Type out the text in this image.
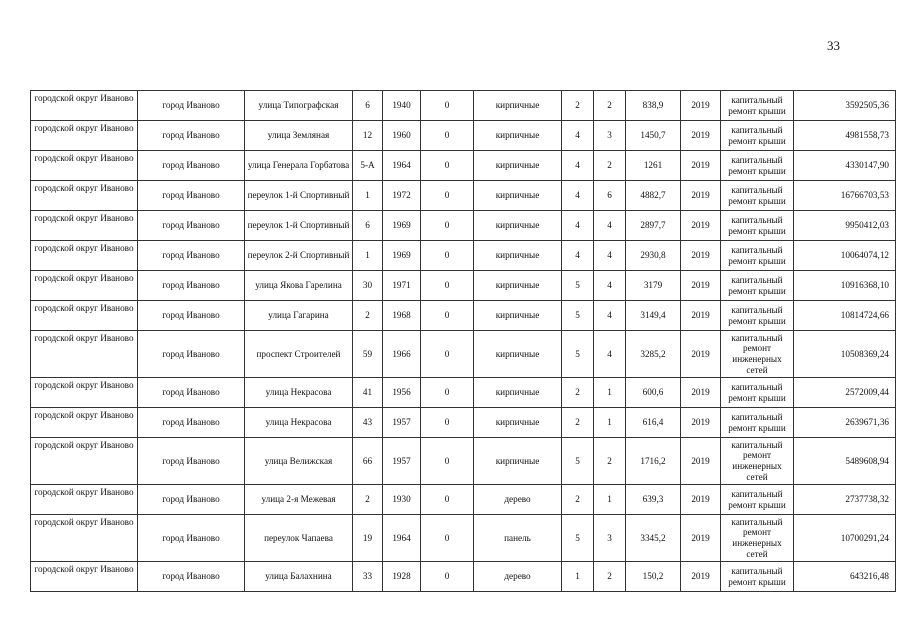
33
городской округ Иваново	город Иваново	улица Типографская	6	1940	0	кирпичные	2	2	838,9	2019	капитальный ремонт крыши	3592505,36
городской округ Иваново	город Иваново	улица Земляная	12	1960	0	кирпичные	4	3	1450,7	2019	капитальный ремонт крыши	4981558,73
городской округ Иваново	город Иваново	улица Генерала Горбатова	5-А	1964	0	кирпичные	4	2	1261	2019	капитальный ремонт крыши	4330147,90
городской округ Иваново	город Иваново	переулок 1-й Спортивный	1	1972	0	кирпичные	4	6	4882,7	2019	капитальный ремонт крыши	16766703,53
городской округ Иваново	город Иваново	переулок 1-й Спортивный	6	1969	0	кирпичные	4	4	2897,7	2019	капитальный ремонт крыши	9950412,03
городской округ Иваново	город Иваново	переулок 2-й Спортивный	1	1969	0	кирпичные	4	4	2930,8	2019	капитальный ремонт крыши	10064074,12
городской округ Иваново	город Иваново	улица Якова Гарелина	30	1971	0	кирпичные	5	4	3179	2019	капитальный ремонт крыши	10916368,10
городской округ Иваново	город Иваново	улица Гагарина	2	1968	0	кирпичные	5	4	3149,4	2019	капитальный ремонт крыши	10814724,66
городской округ Иваново	город Иваново	проспект Строителей	59	1966	0	кирпичные	5	4	3285,2	2019	капитальный ремонт инженерных сетей	10508369,24
городской округ Иваново	город Иваново	улица Некрасова	41	1956	0	кирпичные	2	1	600,6	2019	капитальный ремонт крыши	2572009,44
городской округ Иваново	город Иваново	улица Некрасова	43	1957	0	кирпичные	2	1	616,4	2019	капитальный ремонт крыши	2639671,36
городской округ Иваново	город Иваново	улица Велижская	66	1957	0	кирпичные	5	2	1716,2	2019	капитальный ремонт инженерных сетей	5489608,94
городской округ Иваново	город Иваново	улица 2-я Межевая	2	1930	0	дерево	2	1	639,3	2019	капитальный ремонт крыши	2737738,32
городской округ Иваново	город Иваново	переулок Чапаева	19	1964	0	панель	5	3	3345,2	2019	капитальный ремонт инженерных сетей	10700291,24
городской округ Иваново	город Иваново	улица Балахнина	33	1928	0	дерево	1	2	150,2	2019	капитальный ремонт крыши	643216,48
